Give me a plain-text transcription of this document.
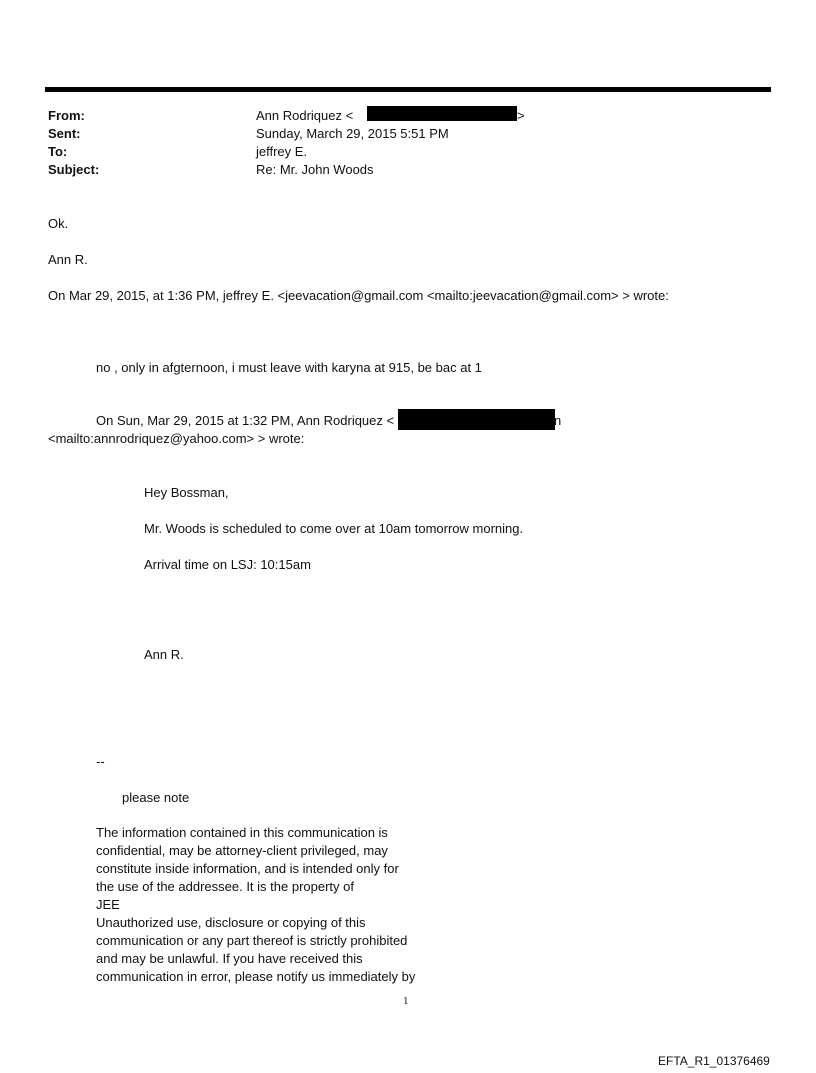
From:	Ann Rodriquez <	>
Sent:	Sunday, March 29, 2015 5:51 PM
To:	jeffrey E.
Subject:	Re: Mr. John Woods
Ok.
Ann R.
On Mar 29, 2015, at 1:36 PM, jeffrey E. <jeevacation@gmail.com <mailto:jeevacation@gmail.com> > wrote:
no , only in afgternoon, i must leave with karyna at 915, be bac at 1
On Sun, Mar 29, 2015 at 1:32 PM, Ann Rodriquez <	n
<mailto:annrodriquez@yahoo.com> > wrote:
Hey Bossman,
Mr. Woods is scheduled to come over at 10am tomorrow morning.
Arrival time on LSJ: 10:15am
Ann R.
--
please note
The information contained in this communication is
confidential, may be attorney-client privileged, may
constitute inside information, and is intended only for
the use of the addressee. It is the property of
JEE
Unauthorized use, disclosure or copying of this
communication or any part thereof is strictly prohibited
and may be unlawful. If you have received this
communication in error, please notify us immediately by
1
EFTA_R1_01376469
